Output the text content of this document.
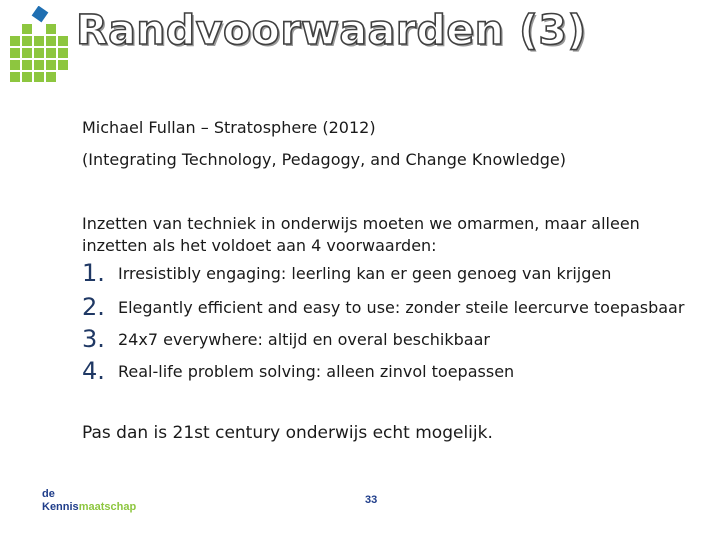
Randvoorwaarden (3)
Michael Fullan – Stratosphere (2012)
(Integrating Technology, Pedagogy, and Change Knowledge)
Inzetten van techniek in onderwijs moeten we omarmen, maar alleen inzetten als het voldoet aan 4 voorwaarden:
1. Irresistibly engaging: leerling kan er geen genoeg van krijgen
2. Elegantly efficient and easy to use: zonder steile leercurve toepasbaar
3. 24x7 everywhere: altijd en overal beschikbaar
4. Real-life problem solving: alleen zinvol toepassen
Pas dan is 21st century onderwijs echt mogelijk.
de
Kennismaatschap
33
